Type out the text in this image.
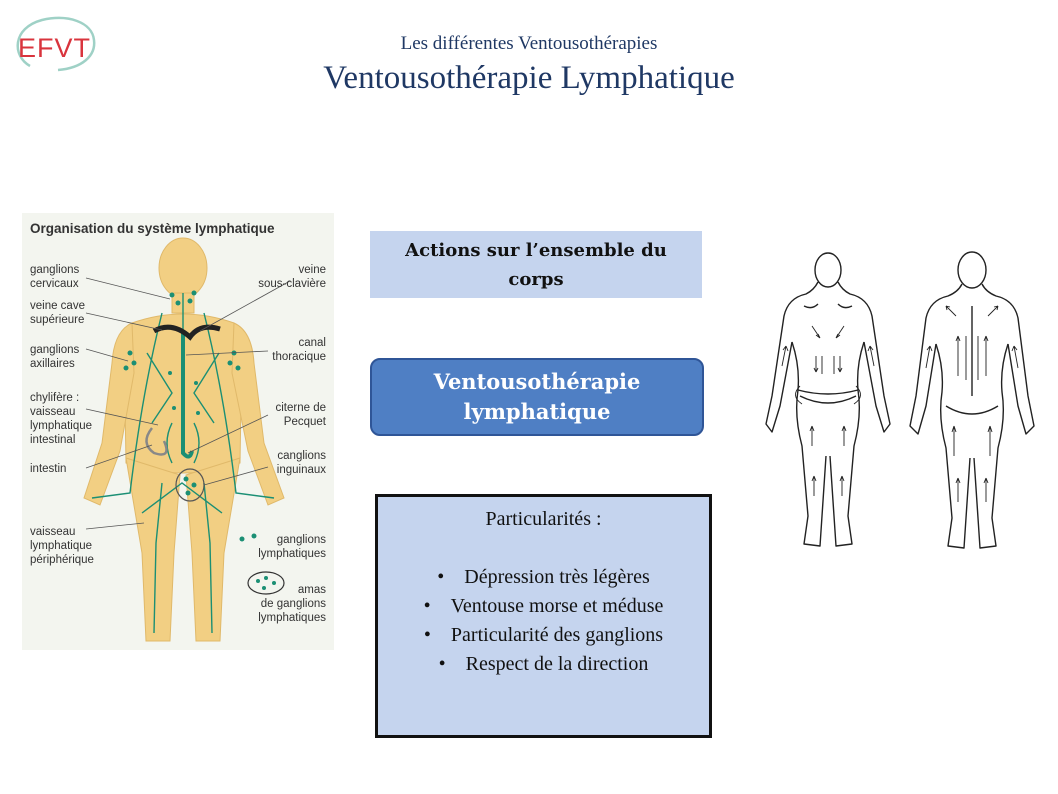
EFVT	Les différentes Ventousothérapies
Ventousothérapie Lymphatique
Organisation du système lymphatique
ganglions cervicaux
veine cave supérieure
ganglions axillaires
chylifère : vaisseau lymphatique intestinal
intestin
vaisseau lymphatique périphérique
veine sous-clavière
canal thoracique
citerne de Pecquet
canglions inguinaux
ganglions lymphatiques
amas de ganglions lymphatiques
Actions sur l’ensemble du corps
Ventousothérapie lymphatique
Particularités :
• Dépression très légères
• Ventouse morse et méduse
• Particularité des ganglions
• Respect de la direction
